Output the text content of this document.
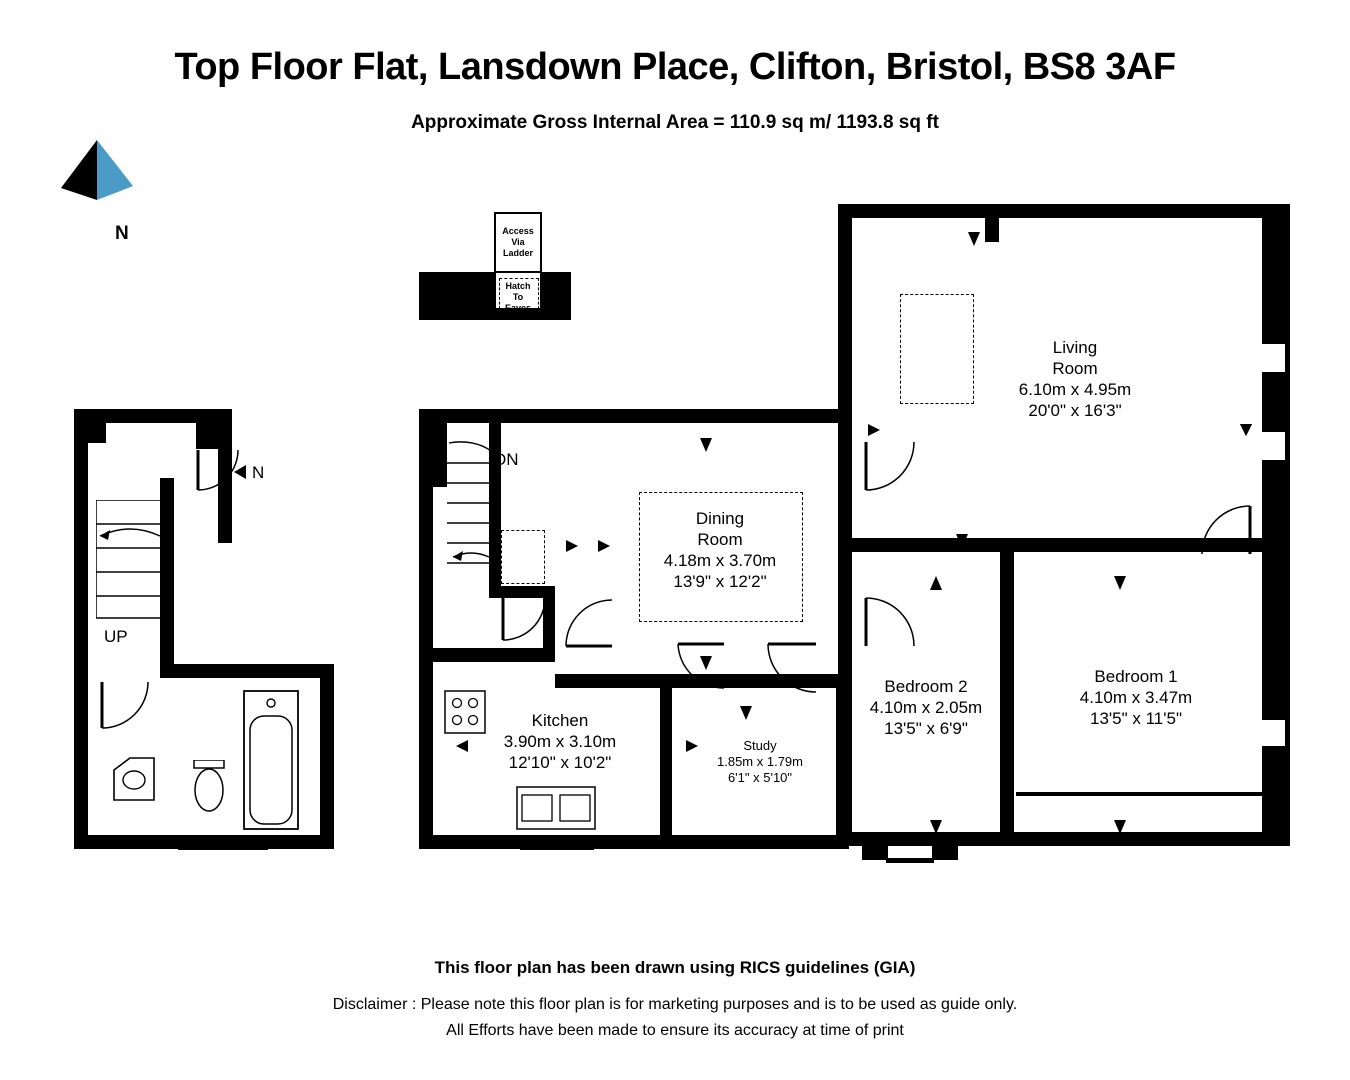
Top Floor Flat, Lansdown Place, Clifton, Bristol, BS8 3AF
Approximate Gross Internal Area = 110.9 sq m/ 1193.8 sq ft
N	Access
Via
Ladder
Hatch
To
Eaves
N
UP
DN
Living
Room
6.10m x 4.95m
20'0" x 16'3"
Dining
Room
4.18m x 3.70m
13'9" x 12'2"
Kitchen
3.90m x 3.10m
12'10" x 10'2"
Study
1.85m x 1.79m
6'1" x 5'10"
Bedroom 2
4.10m x 2.05m
13'5" x 6'9"
Bedroom 1
4.10m x 3.47m
13'5" x 11'5"
This floor plan has been drawn using RICS guidelines (GIA)
Disclaimer : Please note this floor plan is for marketing purposes and is to be used as guide only.
All Efforts have been made to ensure its accuracy at time of print
